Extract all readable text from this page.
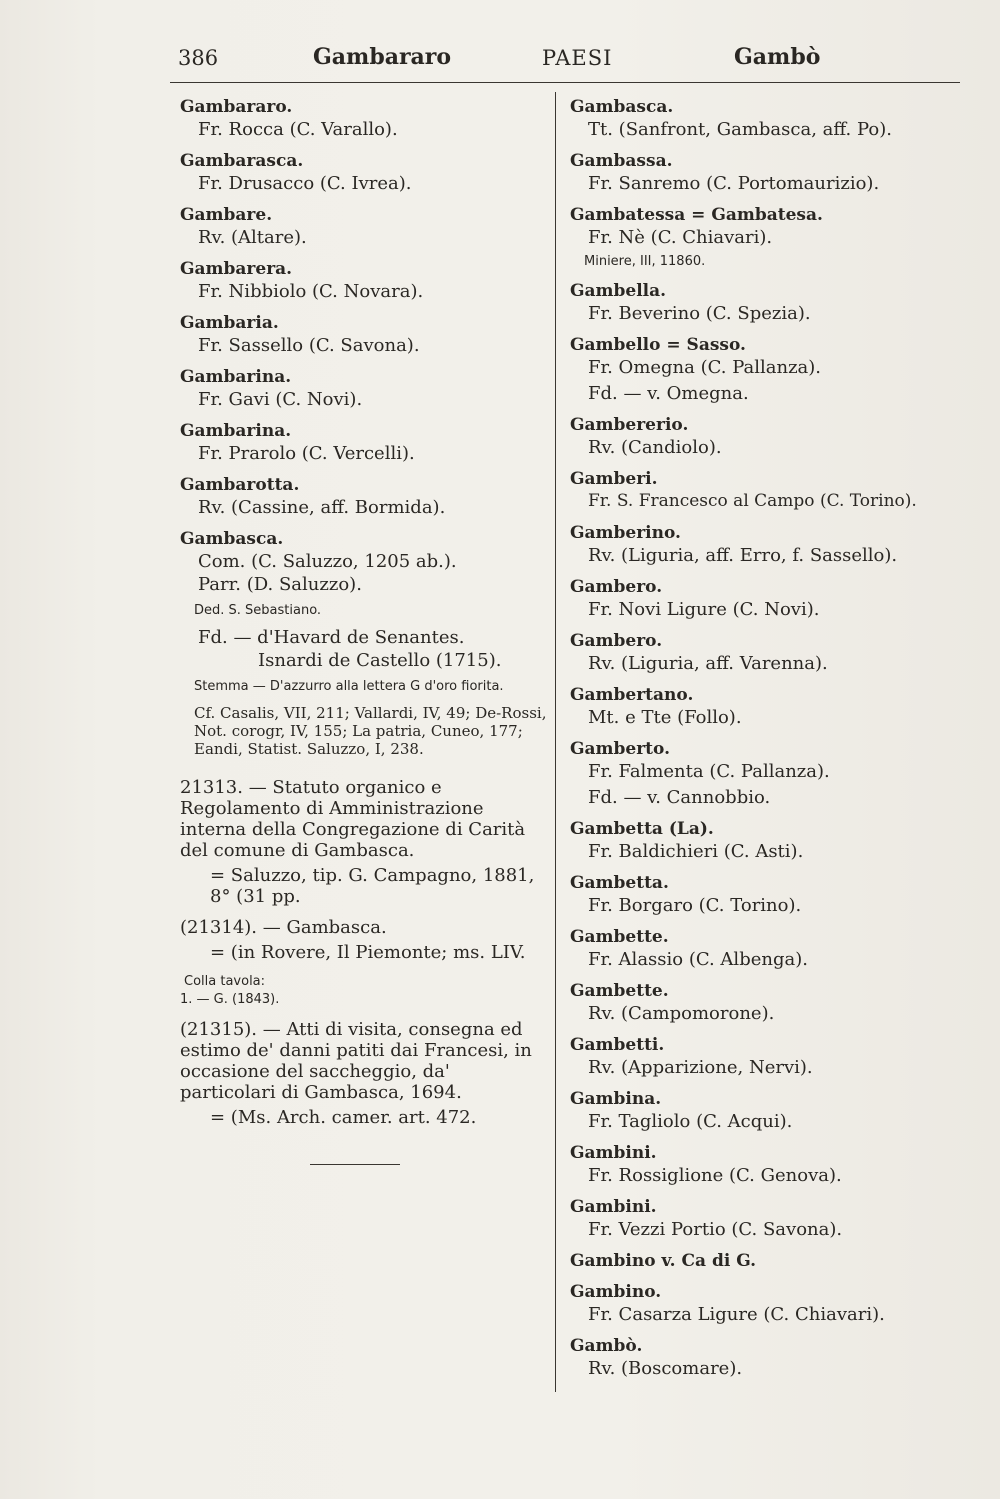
386	Gambararo	PAESI	Gambò
Gambararo.
Fr. Rocca (C. Varallo).
Gambarasca.
Fr. Drusacco (C. Ivrea).
Gambare.
Rv. (Altare).
Gambarera.
Fr. Nibbiolo (C. Novara).
Gambaria.
Fr. Sassello (C. Savona).
Gambarina.
Fr. Gavi (C. Novi).
Gambarina.
Fr. Prarolo (C. Vercelli).
Gambarotta.
Rv. (Cassine, aff. Bormida).
Gambasca.
Com. (C. Saluzzo, 1205 ab.).
Parr. (D. Saluzzo).
Ded. S. Sebastiano.
Fd. — d'Havard de Senantes.
Isnardi de Castello (1715).
Stemma — D'azzurro alla lettera G d'oro fiorita.
Cf. Casalis, VII, 211; Vallardi, IV, 49; De-Rossi, Not. corogr, IV, 155; La patria, Cuneo, 177; Eandi, Statist. Saluzzo, I, 238.
21313. — Statuto organico e Regolamento di Amministrazione interna della Congregazione di Carità del comune di Gambasca.
= Saluzzo, tip. G. Campagno, 1881, 8° (31 pp.
(21314). — Gambasca.
= (in Rovere, Il Piemonte; ms. LIV.
Colla tavola:
1. — G. (1843).
(21315). — Atti di visita, consegna ed estimo de' danni patiti dai Francesi, in occasione del saccheggio, da' particolari di Gambasca, 1694.
= (Ms. Arch. camer. art. 472.
Gambasca.
Tt. (Sanfront, Gambasca, aff. Po).
Gambassa.
Fr. Sanremo (C. Portomaurizio).
Gambatessa = Gambatesa.
Fr. Nè (C. Chiavari).
Miniere, III, 11860.
Gambella.
Fr. Beverino (C. Spezia).
Gambello = Sasso.
Fr. Omegna (C. Pallanza).
Fd. — v. Omegna.
Gambererio.
Rv. (Candiolo).
Gamberi.
Fr. S. Francesco al Campo (C. Torino).
Gamberino.
Rv. (Liguria, aff. Erro, f. Sassello).
Gambero.
Fr. Novi Ligure (C. Novi).
Gambero.
Rv. (Liguria, aff. Varenna).
Gambertano.
Mt. e Tte (Follo).
Gamberto.
Fr. Falmenta (C. Pallanza).
Fd. — v. Cannobbio.
Gambetta (La).
Fr. Baldichieri (C. Asti).
Gambetta.
Fr. Borgaro (C. Torino).
Gambette.
Fr. Alassio (C. Albenga).
Gambette.
Rv. (Campomorone).
Gambetti.
Rv. (Apparizione, Nervi).
Gambina.
Fr. Tagliolo (C. Acqui).
Gambini.
Fr. Rossiglione (C. Genova).
Gambini.
Fr. Vezzi Portio (C. Savona).
Gambino v. Ca di G.
Gambino.
Fr. Casarza Ligure (C. Chiavari).
Gambò.
Rv. (Boscomare).
